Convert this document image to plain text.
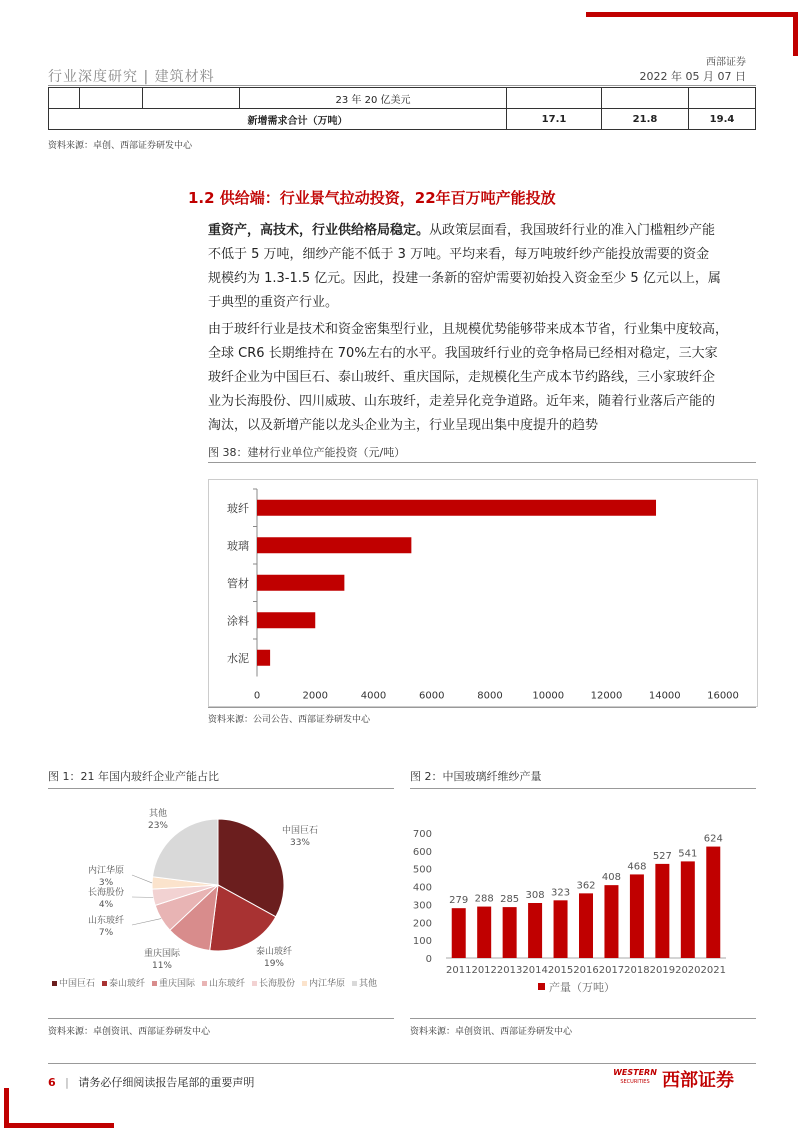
行业深度研究 | 建筑材料
西部证券
2022 年 05 月 07 日
			23 年 20 亿美元			
新增需求合计（万吨）				17.1	21.8	19.4
资料来源：卓创、西部证券研发中心
1.2 供给端：行业景气拉动投资，22年百万吨产能投放
重资产，高技术，行业供给格局稳定。从政策层面看，我国玻纤行业的准入门槛粗纱产能
不低于 5 万吨，细纱产能不低于 3 万吨。平均来看，每万吨玻纤纱产能投放需要的资金
规模约为 1.3-1.5 亿元。因此，投建一条新的窑炉需要初始投入资金至少 5 亿元以上，属
于典型的重资产行业。
由于玻纤行业是技术和资金密集型行业，且规模优势能够带来成本节省，行业集中度较高，
全球 CR6 长期维持在 70%左右的水平。我国玻纤行业的竞争格局已经相对稳定，三大家
玻纤企业为中国巨石、泰山玻纤、重庆国际，走规模化生产成本节约路线，三小家玻纤企
业为长海股份、四川威玻、山东玻纤，走差异化竞争道路。近年来，随着行业落后产能的
淘汰，以及新增产能以龙头企业为主，行业呈现出集中度提升的趋势
图 38：建材行业单位产能投资（元/吨）
玻纤
玻璃
管材
涂料
水泥
0	2000	4000	6000	8000	10000	12000	14000	16000
资料来源：公司公告、西部证券研发中心
图 1：21 年国内玻纤企业产能占比
中国巨石
33%
泰山玻纤
19%
重庆国际
11%
山东玻纤
7%
长海股份
4%
内江华原
3%
其他
23%
中国巨石 泰山玻纤 重庆国际 山东玻纤 长海股份 内江华原 其他
资料来源：卓创资讯、西部证券研发中心
图 2：中国玻璃纤维纱产量
0
100
200
300
400
500
600
700
279
2011
288
2012
285
2013
308
2014
323
2015
362
2016
408
2017
468
2018
527
2019
541
2020
624
2021
产量（万吨）
资料来源：卓创资讯、西部证券研发中心
6 | 请务必仔细阅读报告尾部的重要声明
WESTERN
SECURITIES 西部证券
